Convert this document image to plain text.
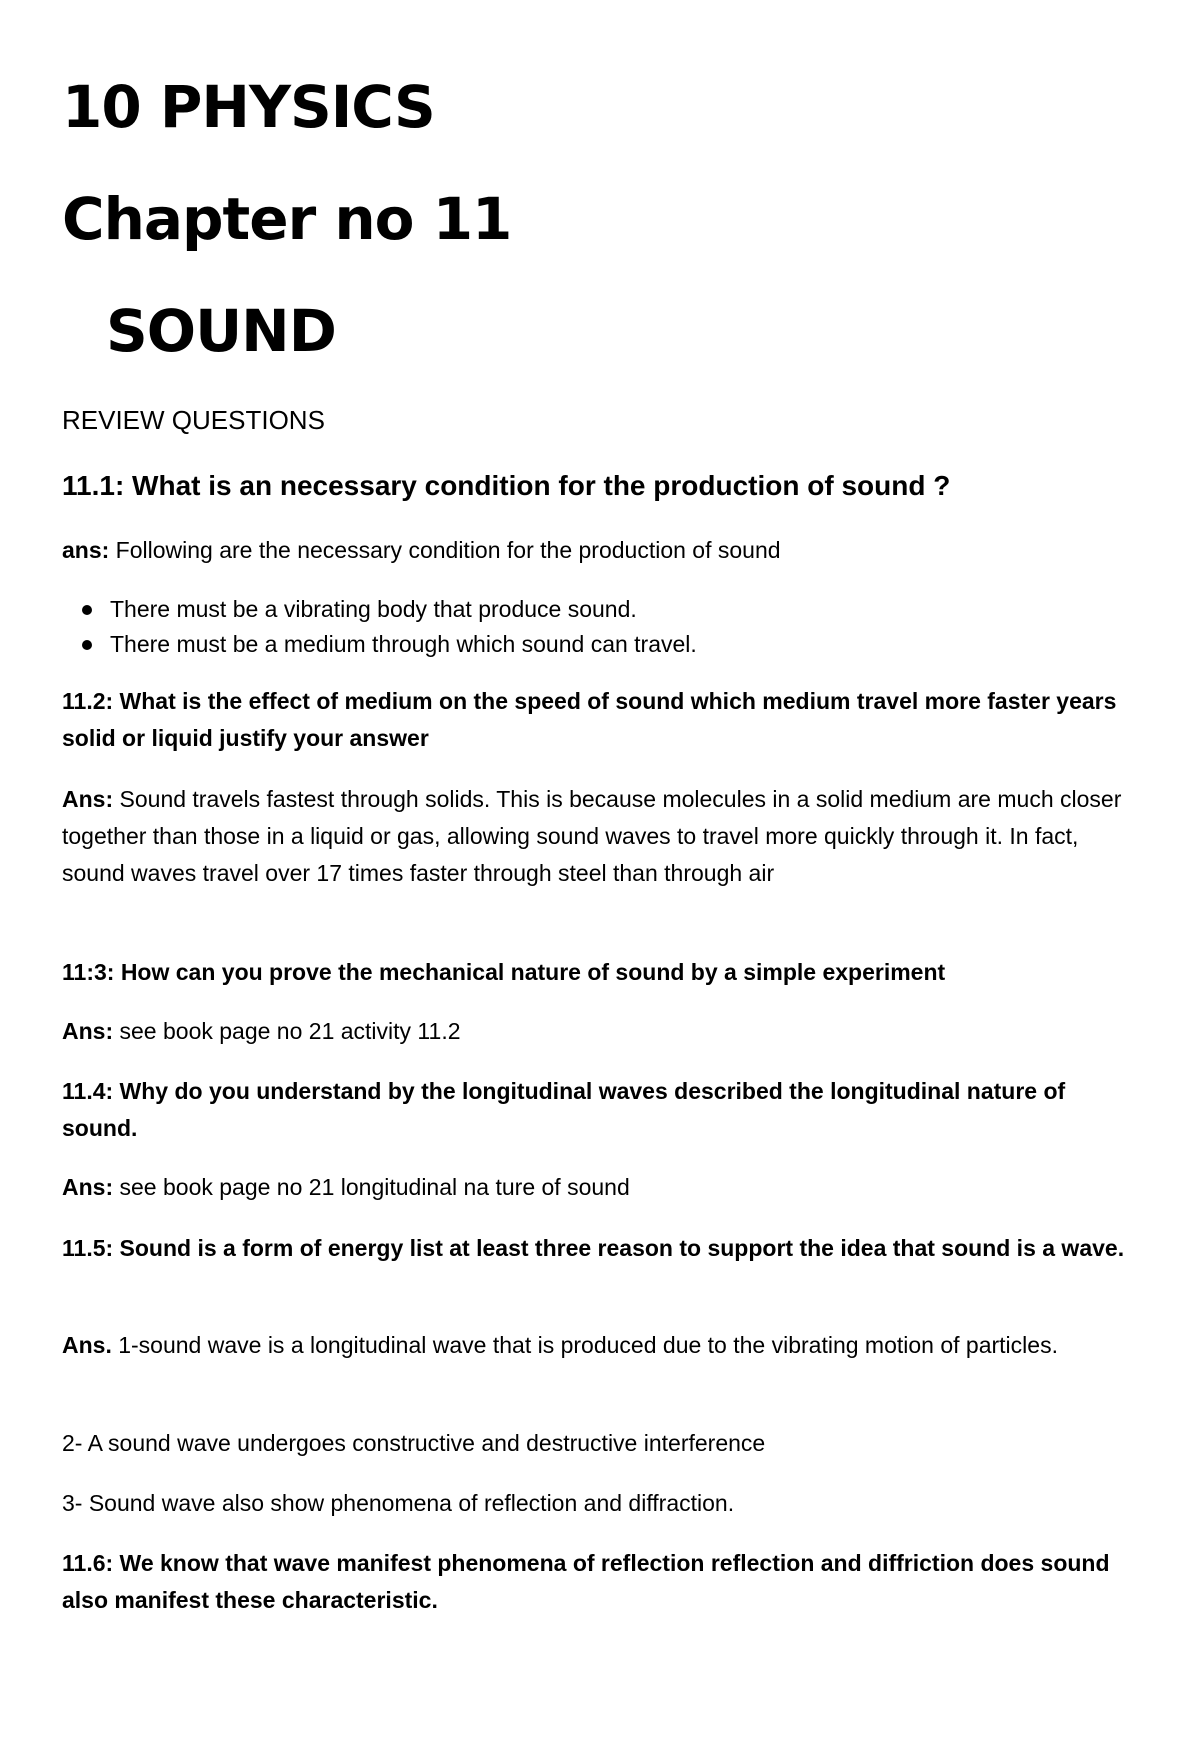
10 PHYSICS
Chapter no 11
SOUND

REVIEW QUESTIONS

11.1: What is an necessary condition for the production of sound ?

ans: Following are the necessary condition for the production of sound

There must be a vibrating body that produce sound.
There must be a medium through which sound can travel.

11.2: What is the effect of medium on the speed of sound which medium travel more faster years solid or liquid justify your answer

Ans: Sound travels fastest through solids. This is because molecules in a solid medium are much closer together than those in a liquid or gas, allowing sound waves to travel more quickly through it. In fact, sound waves travel over 17 times faster through steel than through air

11:3: How can you prove the mechanical nature of sound by a simple experiment

Ans: see book page no 21 activity 11.2

11.4: Why do you understand by the longitudinal waves described the longitudinal nature of sound.

Ans: see book page no 21 longitudinal na ture of sound

11.5: Sound is a form of energy list at least three reason to support the idea that sound is a wave.

Ans. 1-sound wave is a longitudinal wave that is produced due to the vibrating motion of particles.

2- A sound wave undergoes constructive and destructive interference

3- Sound wave also show phenomena of reflection and diffraction.

11.6: We know that wave manifest phenomena of reflection reflection and diffriction does sound also manifest these characteristic.
